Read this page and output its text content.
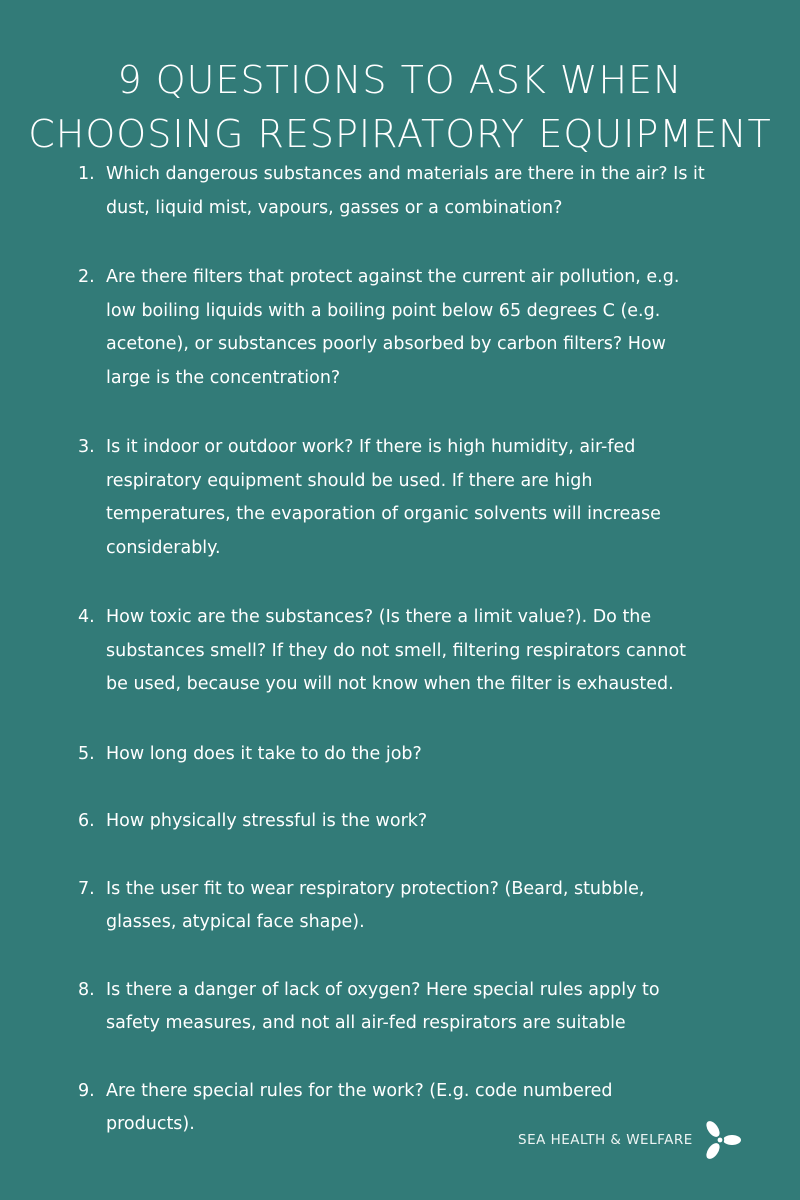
9 QUESTIONS TO ASK WHEN
CHOOSING RESPIRATORY EQUIPMENT
1. Which dangerous substances and materials are there in the air? Is it
dust, liquid mist, vapours, gasses or a combination?
2. Are there filters that protect against the current air pollution, e.g.
low boiling liquids with a boiling point below 65 degrees C (e.g.
acetone), or substances poorly absorbed by carbon filters? How
large is the concentration?
3. Is it indoor or outdoor work? If there is high humidity, air-fed
respiratory equipment should be used. If there are high
temperatures, the evaporation of organic solvents will increase
considerably.
4. How toxic are the substances? (Is there a limit value?). Do the
substances smell? If they do not smell, filtering respirators cannot
be used, because you will not know when the filter is exhausted.
5. How long does it take to do the job?
6. How physically stressful is the work?
7. Is the user fit to wear respiratory protection? (Beard, stubble,
glasses, atypical face shape).
8. Is there a danger of lack of oxygen? Here special rules apply to
safety measures, and not all air-fed respirators are suitable
9. Are there special rules for the work? (E.g. code numbered
products).
SEA HEALTH & WELFARE
